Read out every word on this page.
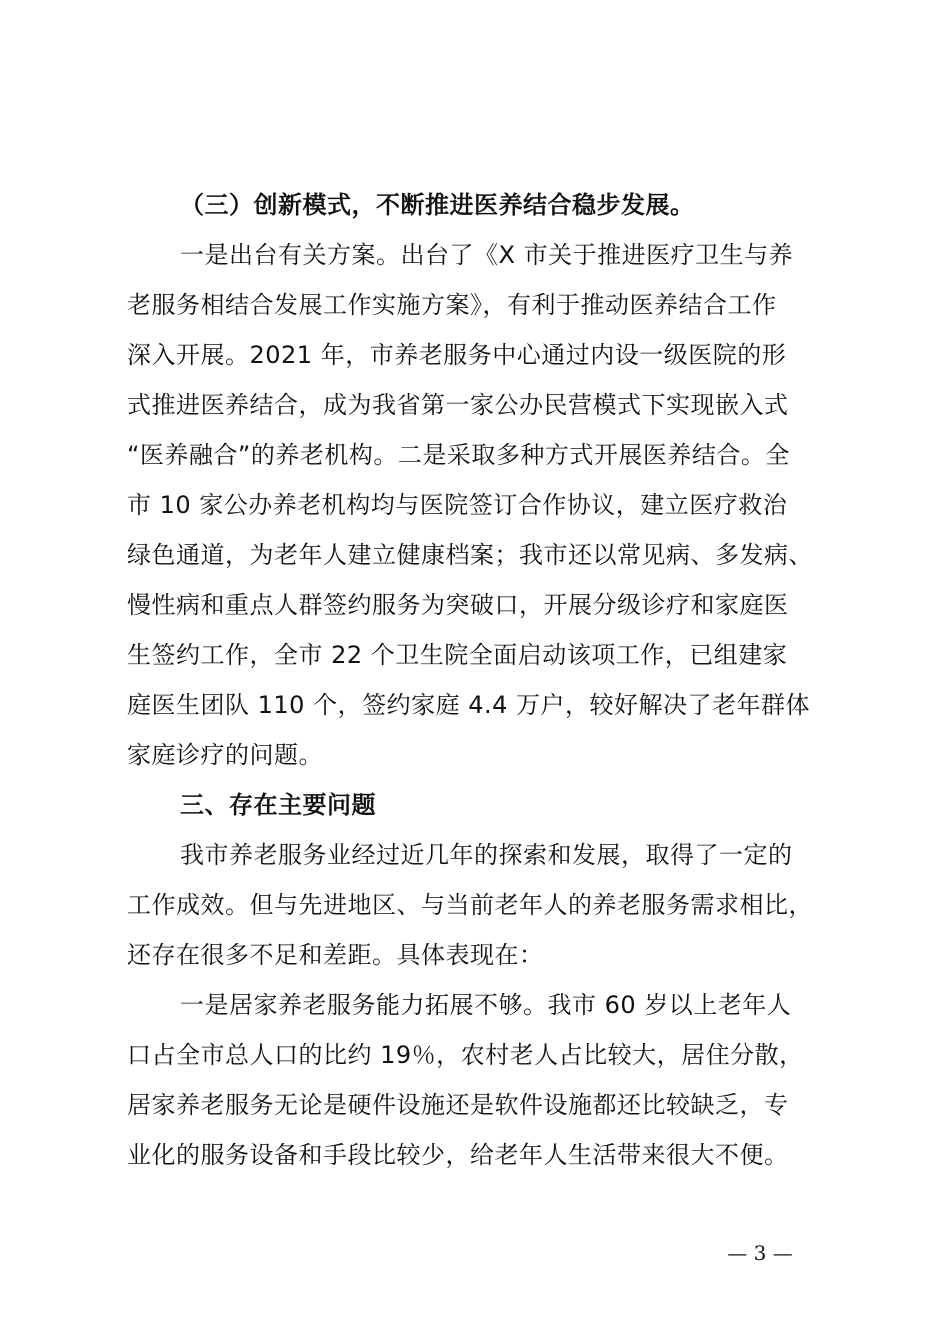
（三）创新模式，不断推进医养结合稳步发展。
一是出台有关方案。出台了《X 市关于推进医疗卫生与养
老服务相结合发展工作实施方案》，有利于推动医养结合工作
深入开展。2021 年，市养老服务中心通过内设一级医院的形
式推进医养结合，成为我省第一家公办民营模式下实现嵌入式
“医养融合”的养老机构。二是采取多种方式开展医养结合。全
市 10 家公办养老机构均与医院签订合作协议，建立医疗救治
绿色通道，为老年人建立健康档案；我市还以常见病、多发病、
慢性病和重点人群签约服务为突破口，开展分级诊疗和家庭医
生签约工作，全市 22 个卫生院全面启动该项工作，已组建家
庭医生团队 110 个，签约家庭 4.4 万户，较好解决了老年群体
家庭诊疗的问题。
三、存在主要问题
我市养老服务业经过近几年的探索和发展，取得了一定的
工作成效。但与先进地区、与当前老年人的养老服务需求相比，
还存在很多不足和差距。具体表现在：
一是居家养老服务能力拓展不够。我市 60 岁以上老年人
口占全市总人口的比约 19％，农村老人占比较大，居住分散，
居家养老服务无论是硬件设施还是软件设施都还比较缺乏，专
业化的服务设备和手段比较少，给老年人生活带来很大不便。
— 3 —
